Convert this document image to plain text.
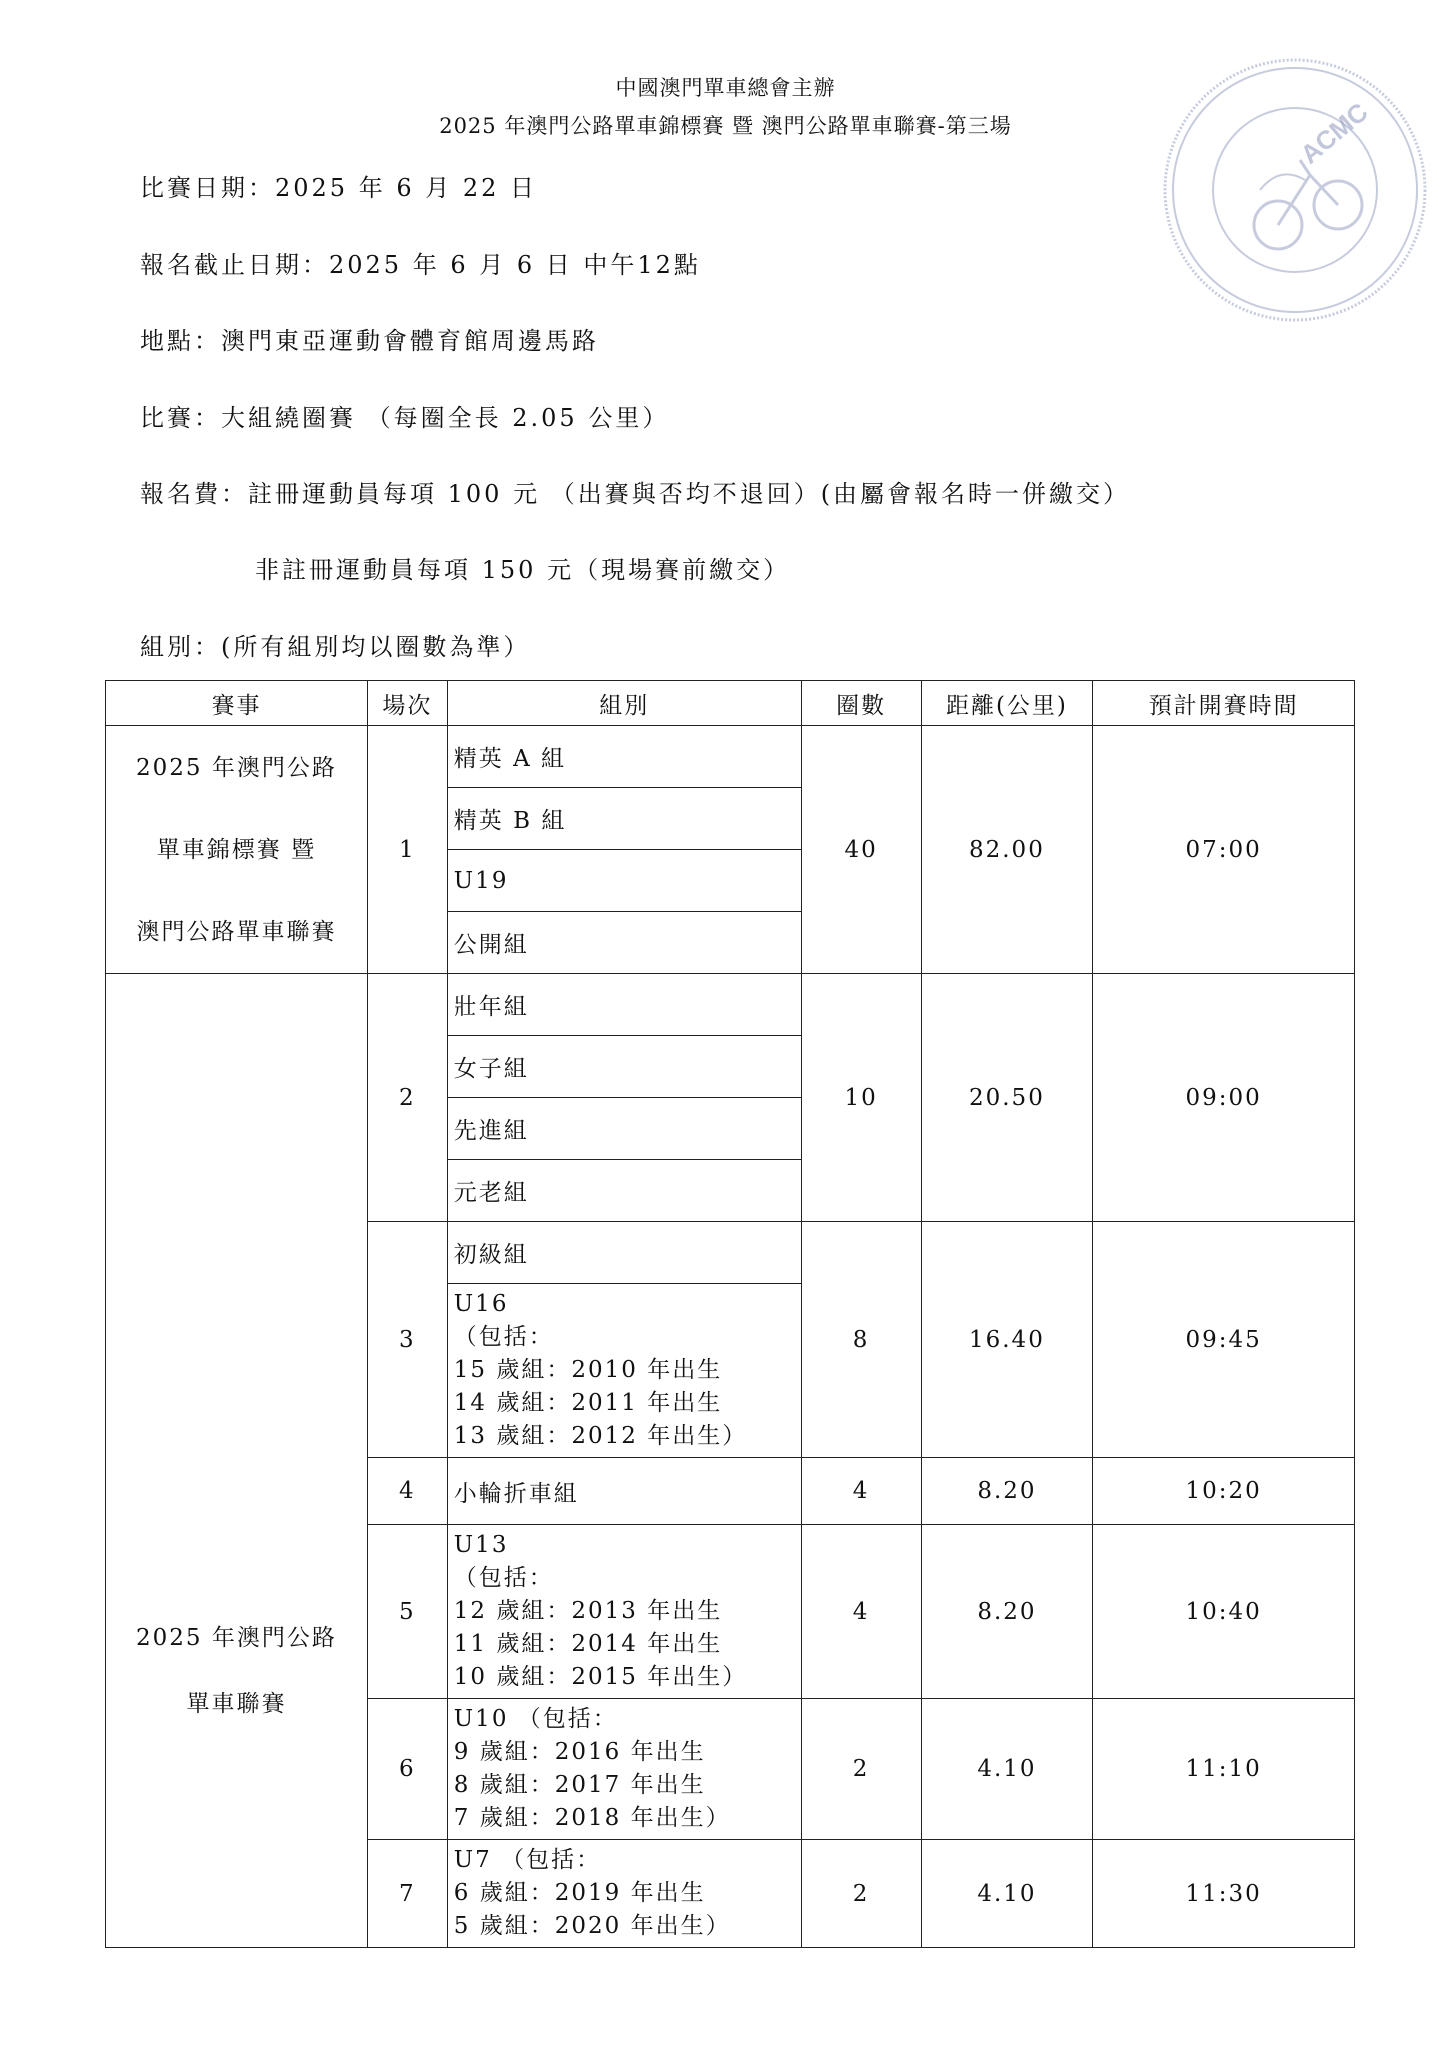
中國澳門單車總會主辦
2025 年澳門公路單車錦標賽 暨 澳門公路單車聯賽-第三場	ACMC
比賽日期：2025 年 6 月 22 日
報名截止日期：2025 年 6 月 6 日 中午12點
地點：澳門東亞運動會體育館周邊馬路
比賽：大組繞圈賽 （每圈全長 2.05 公里）
報名費：註冊運動員每項 100 元 （出賽與否均不退回）(由屬會報名時一併繳交）
非註冊運動員每項 150 元（現場賽前繳交）
組別：(所有組別均以圈數為準）
賽事	場次	組別	圈數	距離(公里)	預計開賽時間

2025 年澳門公路
單車錦標賽 暨
澳門公路單車聯賽	1	精英 A 組	40	82.00	07:00
		精英 B 組			
		U19			
		公開組			

2025 年澳門公路
單車聯賽	2	壯年組	10	20.50	09:00
		女子組			
		先進組			
		元老組			
	3	初級組	8	16.40	09:45

		U16
（包括：
15 歲組：2010 年出生
14 歲組：2011 年出生
13 歲組：2012 年出生）			

	4	小輪折車組	4	8.20	10:20
	5	U13
（包括：
12 歲組：2013 年出生
11 歲組：2014 年出生
10 歲組：2015 年出生）	4	8.20	10:40
	6	U10 （包括：
9 歲組：2016 年出生
8 歲組：2017 年出生
7 歲組：2018 年出生）	2	4.10	11:10
	7	U7 （包括：
6 歲組：2019 年出生
5 歲組：2020 年出生）	2	4.10	11:30
